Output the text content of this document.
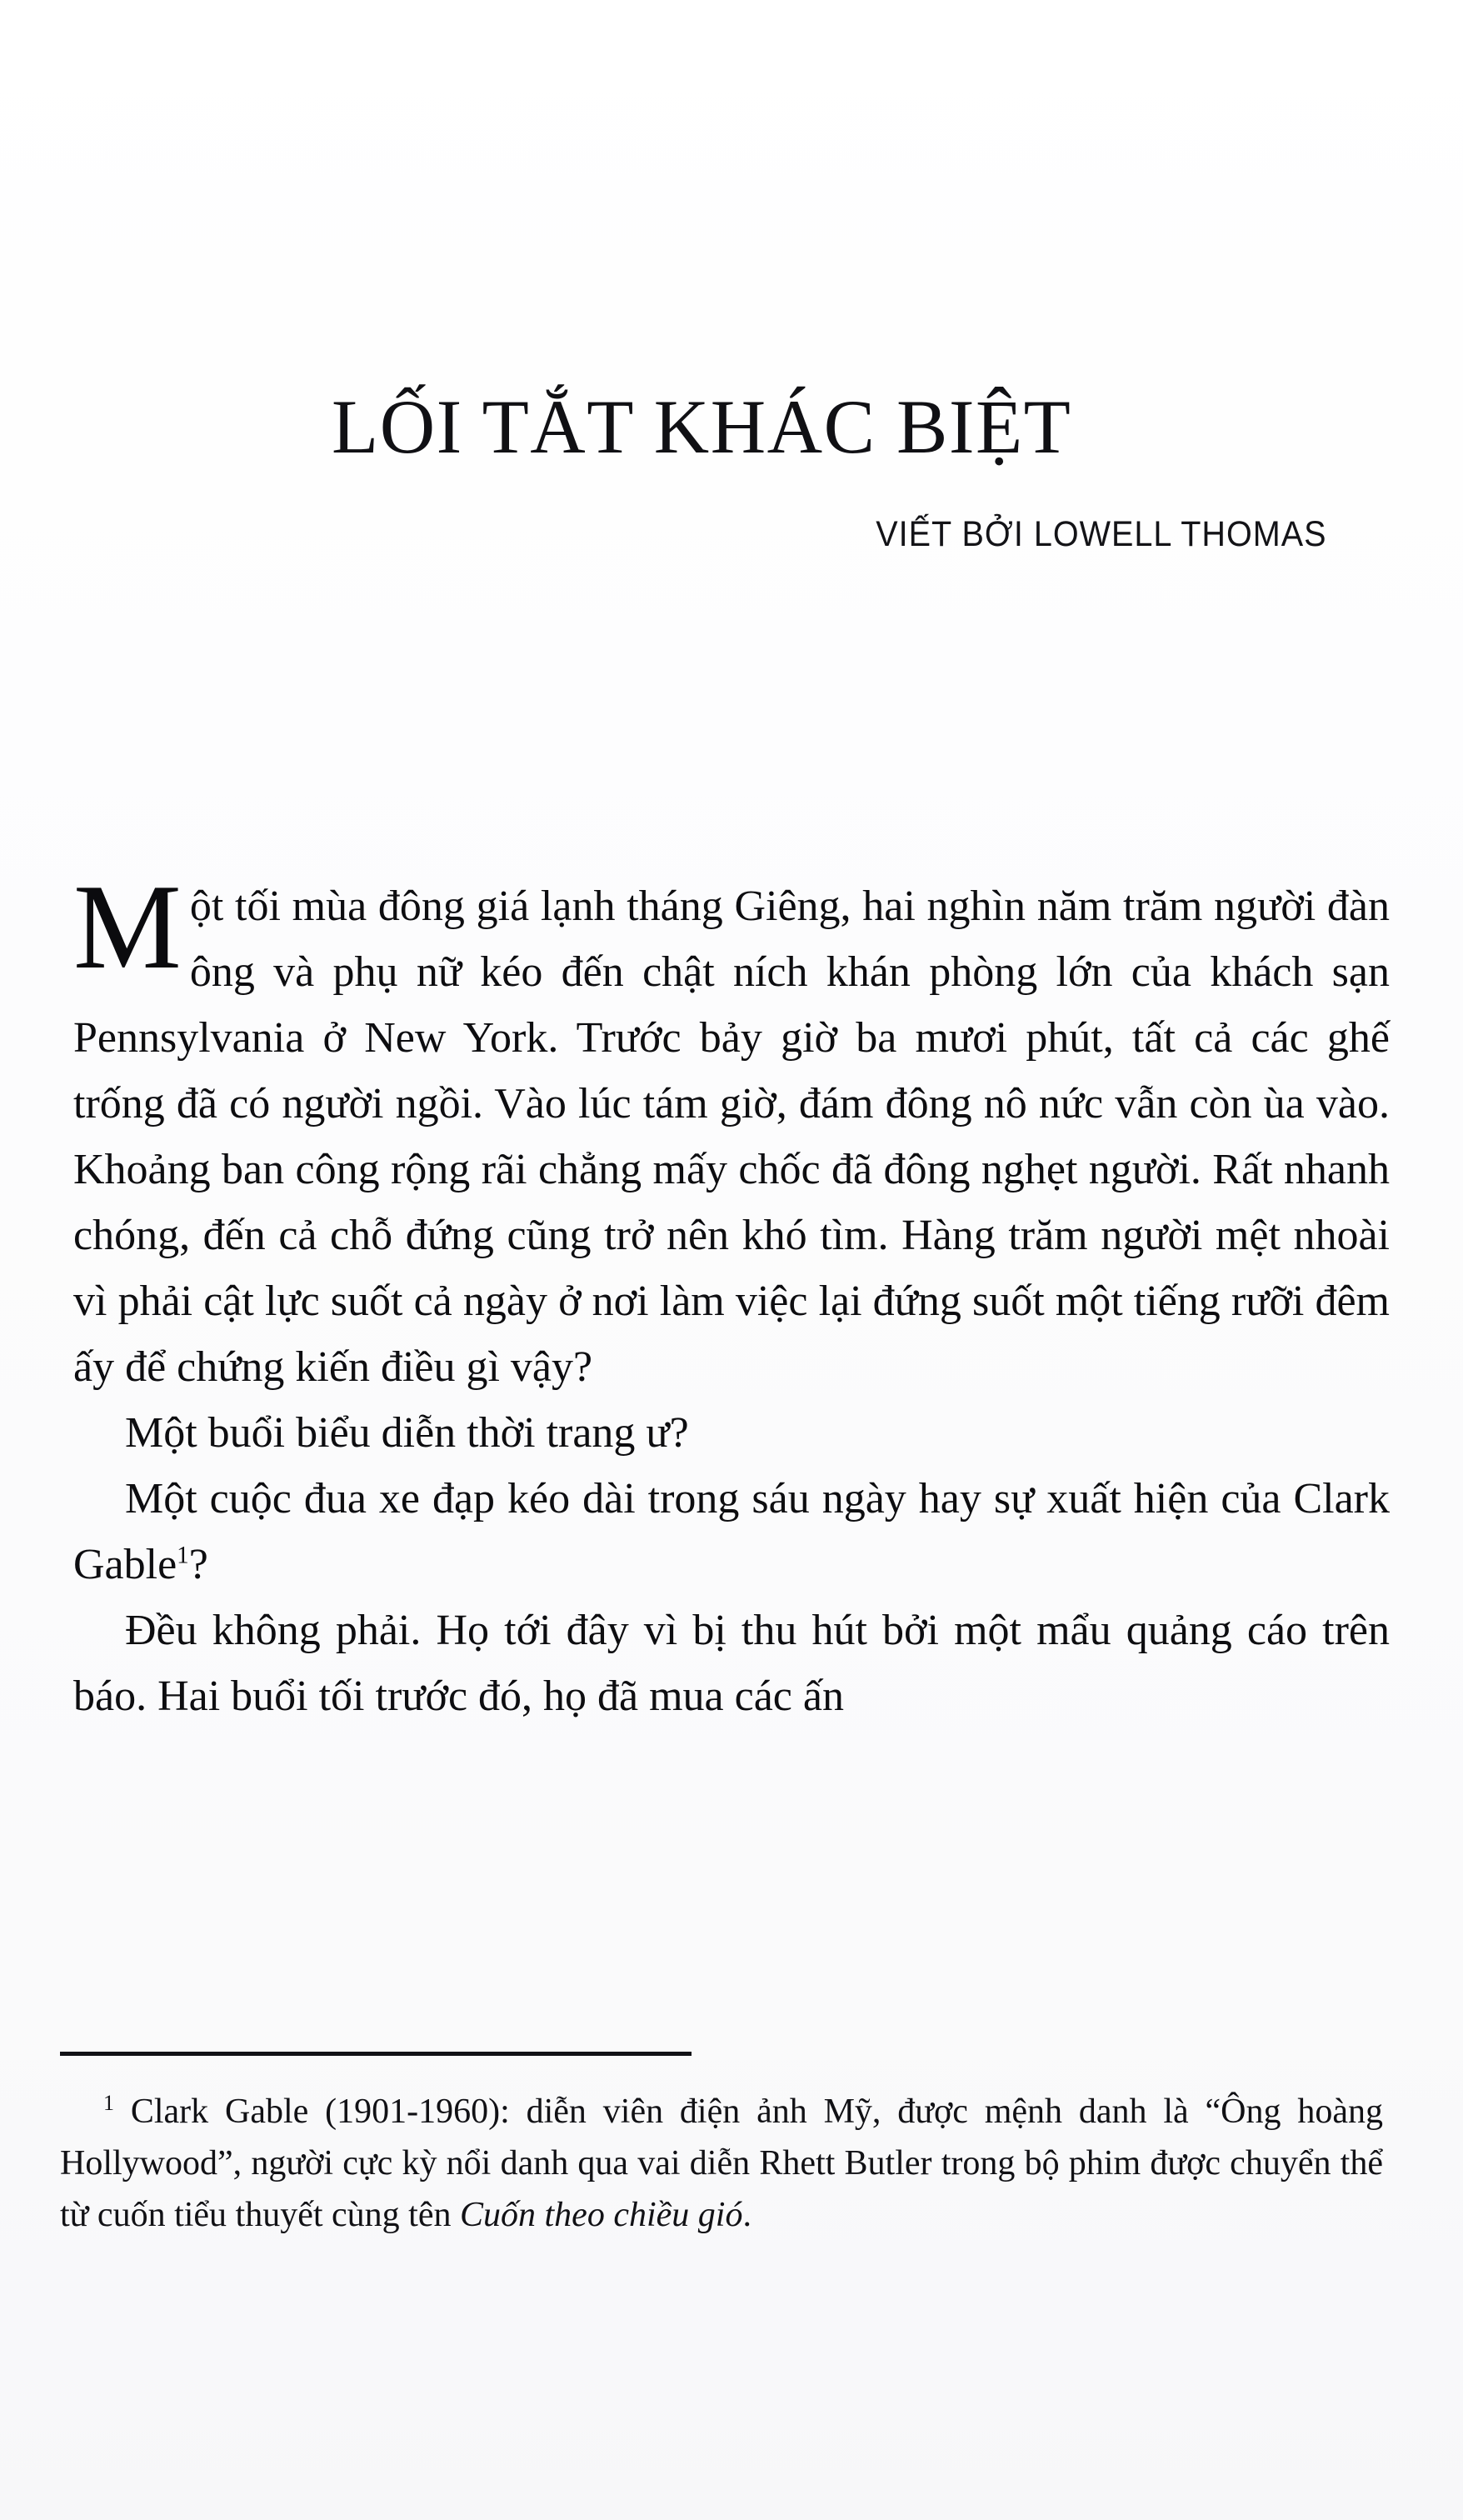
LỐI TẮT KHÁC BIỆT
VIẾT BỞI LOWELL THOMAS

Một tối mùa đông giá lạnh tháng Giêng, hai nghìn năm trăm người đàn ông và phụ nữ kéo đến chật ních khán phòng lớn của khách sạn Pennsylvania ở New York. Trước bảy giờ ba mươi phút, tất cả các ghế trống đã có người ngồi. Vào lúc tám giờ, đám đông nô nức vẫn còn ùa vào. Khoảng ban công rộng rãi chẳng mấy chốc đã đông nghẹt người. Rất nhanh chóng, đến cả chỗ đứng cũng trở nên khó tìm. Hàng trăm người mệt nhoài vì phải cật lực suốt cả ngày ở nơi làm việc lại đứng suốt một tiếng rưỡi đêm ấy để chứng kiến điều gì vậy?

Một buổi biểu diễn thời trang ư?

Một cuộc đua xe đạp kéo dài trong sáu ngày hay sự xuất hiện của Clark Gable$^1$?

Đều không phải. Họ tới đây vì bị thu hút bởi một mẩu quảng cáo trên báo. Hai buổi tối trước đó, họ đã mua các ấn

$^1$ Clark Gable (1901-1960): diễn viên điện ảnh Mỹ, được mệnh danh là “Ông hoàng Hollywood”, người cực kỳ nổi danh qua vai diễn Rhett Butler trong bộ phim được chuyển thể từ cuốn tiểu thuyết cùng tên Cuốn theo chiều gió.
